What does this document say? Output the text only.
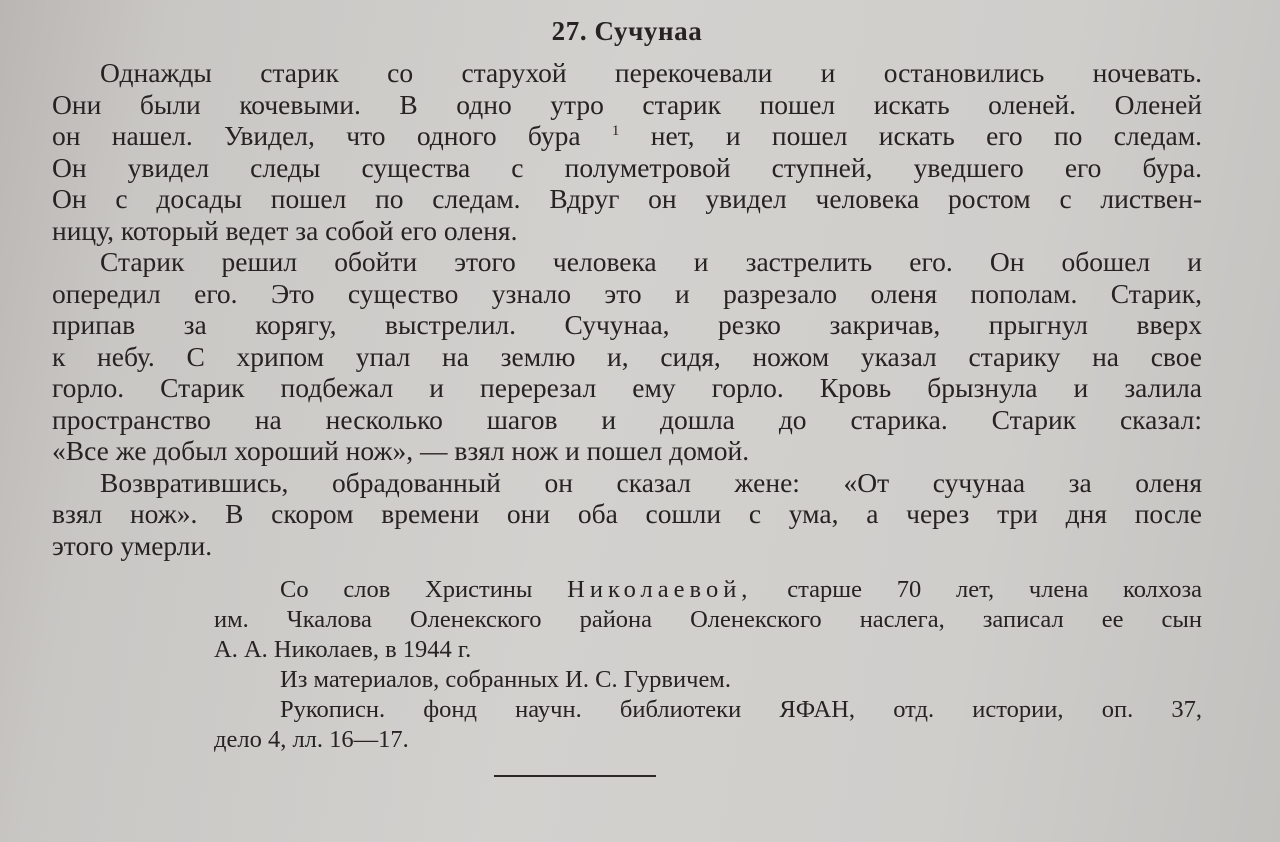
27. Сучунаа
Однажды старик со старухой перекочевали и остановились ночевать.
Они были кочевыми. В одно утро старик пошел искать оленей. Оленей
он нашел. Увидел, что одного бура $^1$ нет, и пошел искать его по следам.
Он увидел следы существа с полуметровой ступней, уведшего его бура.
Он с досады пошел по следам. Вдруг он увидел человека ростом с листвен-
ницу, который ведет за собой его оленя.
Старик решил обойти этого человека и застрелить его. Он обошел и
опередил его. Это существо узнало это и разрезало оленя пополам. Старик,
припав за корягу, выстрелил. Сучунаа, резко закричав, прыгнул вверх
к небу. С хрипом упал на землю и, сидя, ножом указал старику на свое
горло. Старик подбежал и перерезал ему горло. Кровь брызнула и залила
пространство на несколько шагов и дошла до старика. Старик сказал:
«Все же добыл хороший нож», — взял нож и пошел домой.
Возвратившись, обрадованный он сказал жене: «От сучунаа за оленя
взял нож». В скором времени они оба сошли с ума, а через три дня после
этого умерли.
Со слов Христины Николаевой, старше 70 лет, члена колхоза
им. Чкалова Оленекского района Оленекского наслега, записал ее сын
А. А. Николаев, в 1944 г.
Из материалов, собранных И. С. Гурвичем.
Рукописн. фонд научн. библиотеки ЯФАН, отд. истории, оп. 37,
дело 4, лл. 16—17.
